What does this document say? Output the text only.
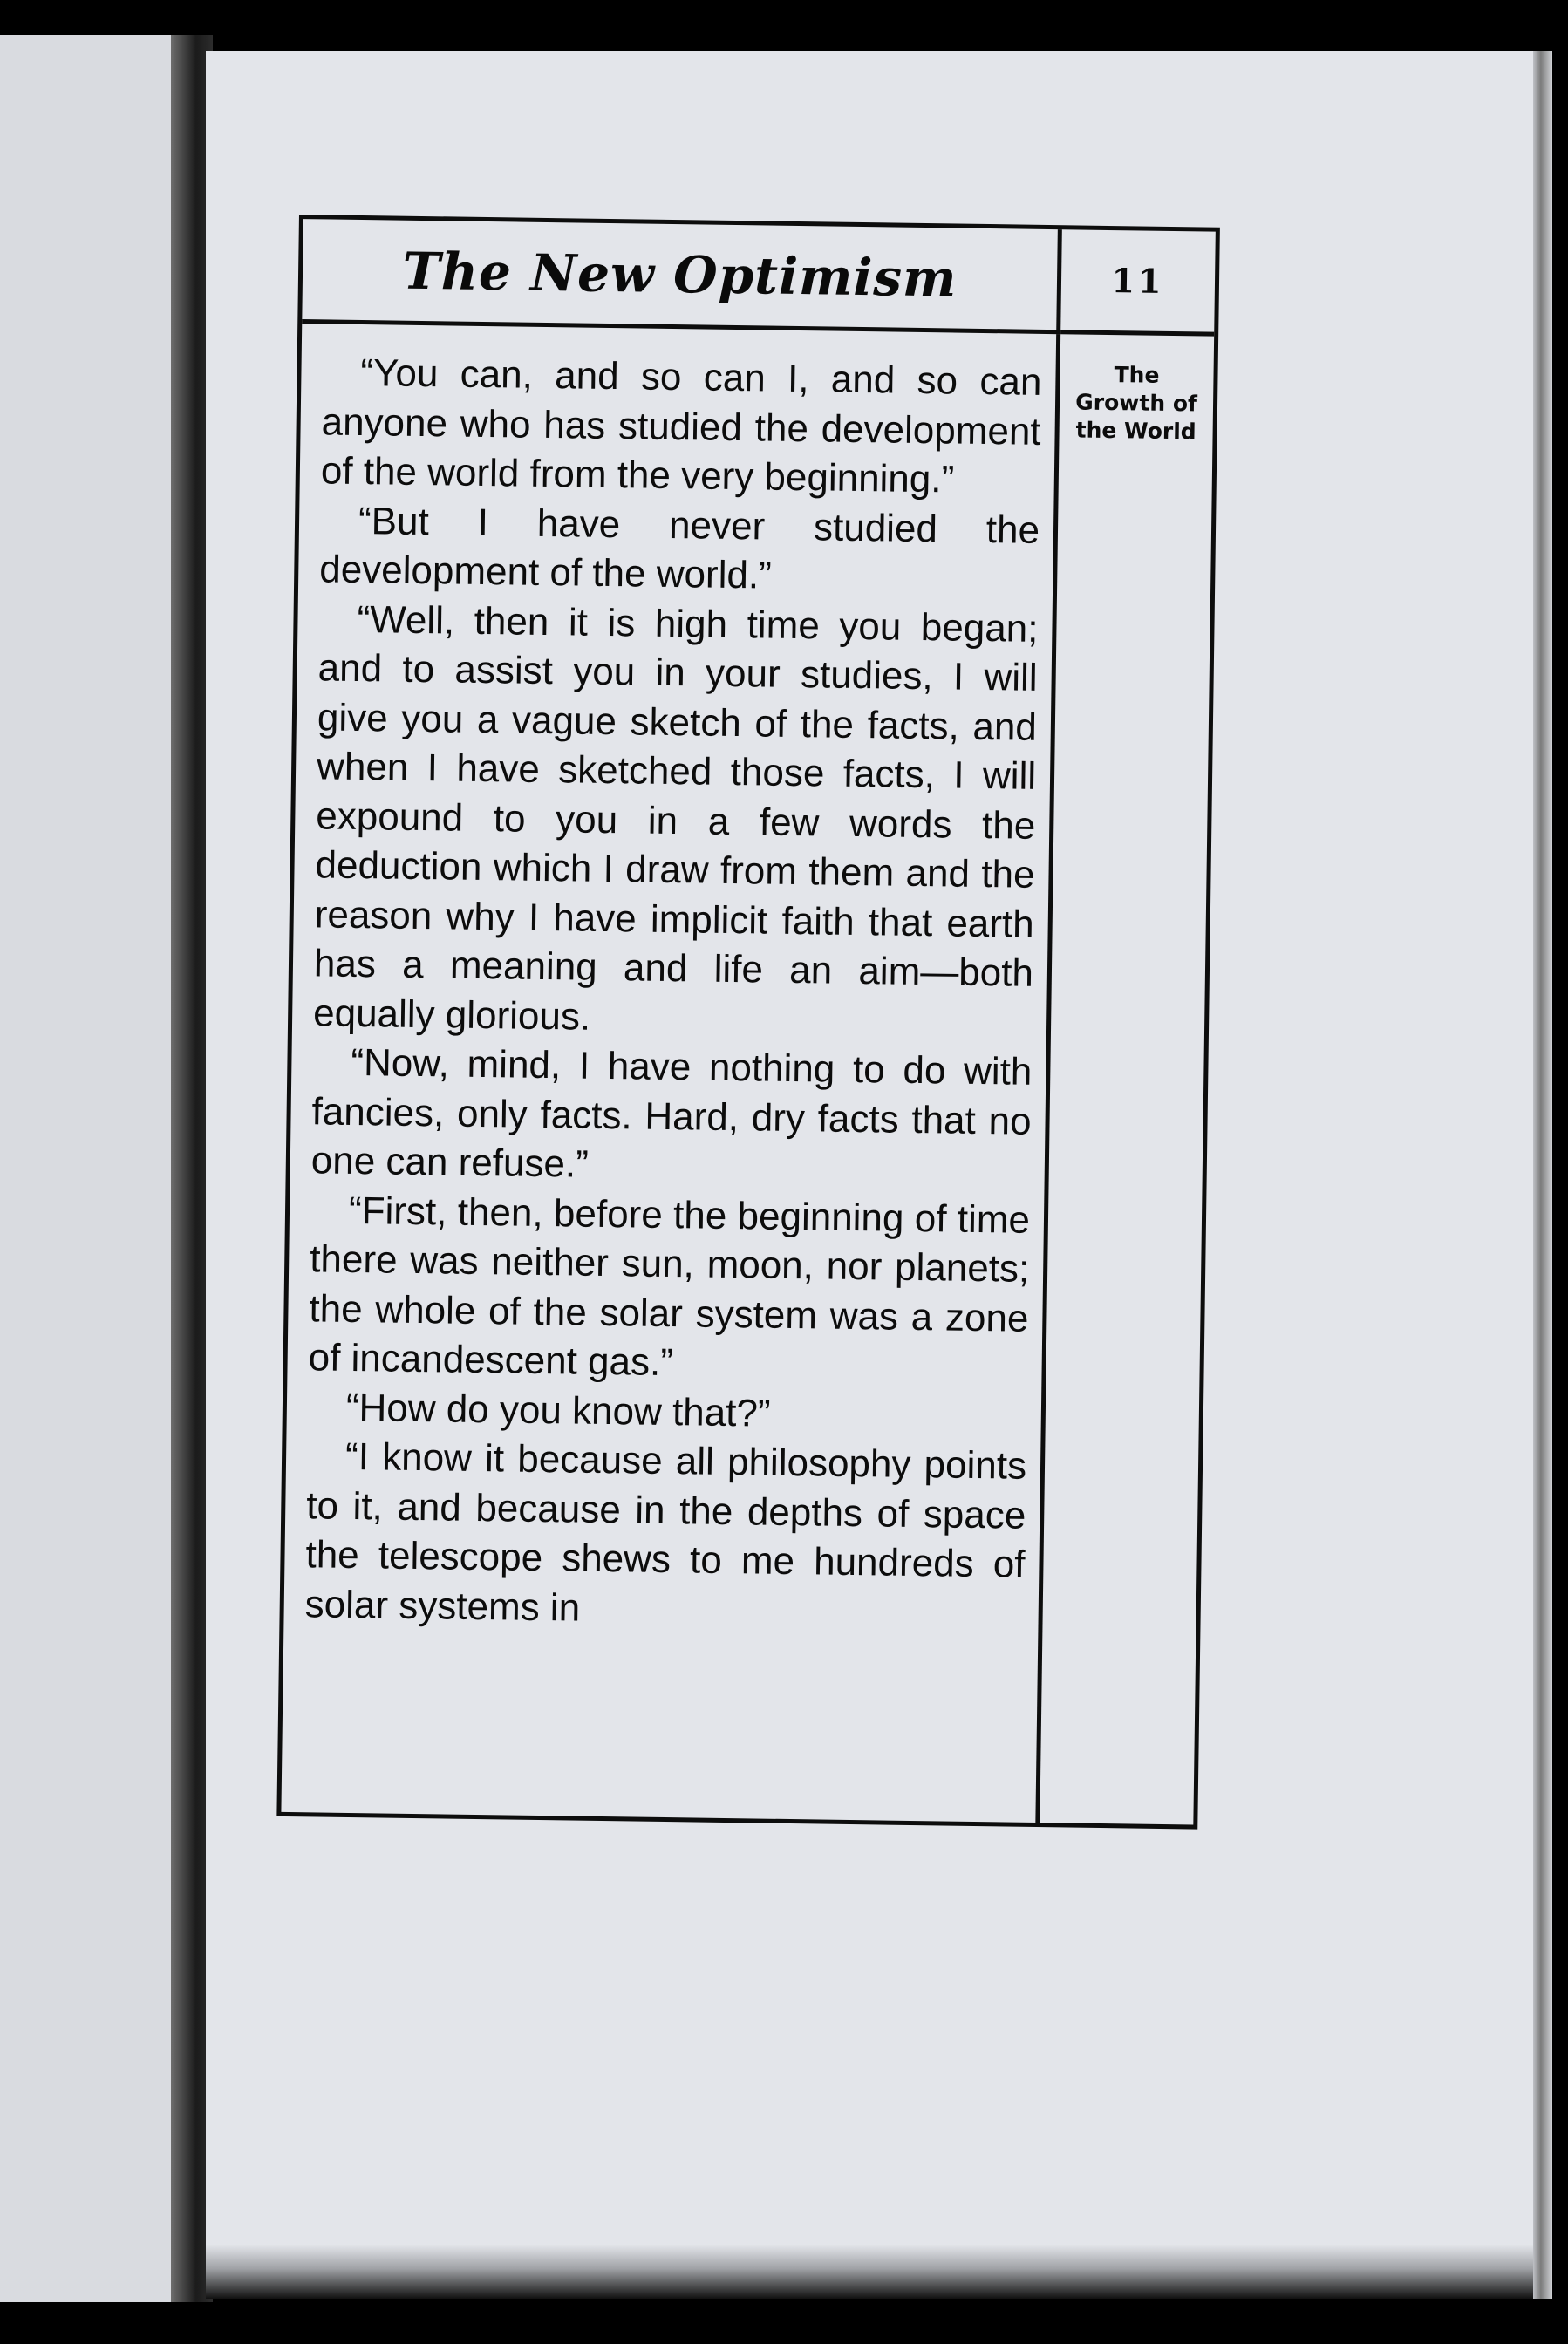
The New Optimism	11

“You can, and so can I, and so can anyone who has studied the development of the world from the very beginning.”

“But I have never studied the development of the world.”

“Well, then it is high time you began; and to assist you in your studies, I will give you a vague sketch of the facts, and when I have sketched those facts, I will expound to you in a few words the deduction which I draw from them and the reason why I have implicit faith that earth has a meaning and life an aim—both equally glorious.

“Now, mind, I have nothing to do with fancies, only facts. Hard, dry facts that no one can refuse.”

“First, then, before the beginning of time there was neither sun, moon, nor planets; the whole of the solar system was a zone of incandescent gas.”

“How do you know that?”

“I know it because all philosophy points to it, and because in the depths of space the telescope shews to me hundreds of solar systems in

The
Growth of
the World
